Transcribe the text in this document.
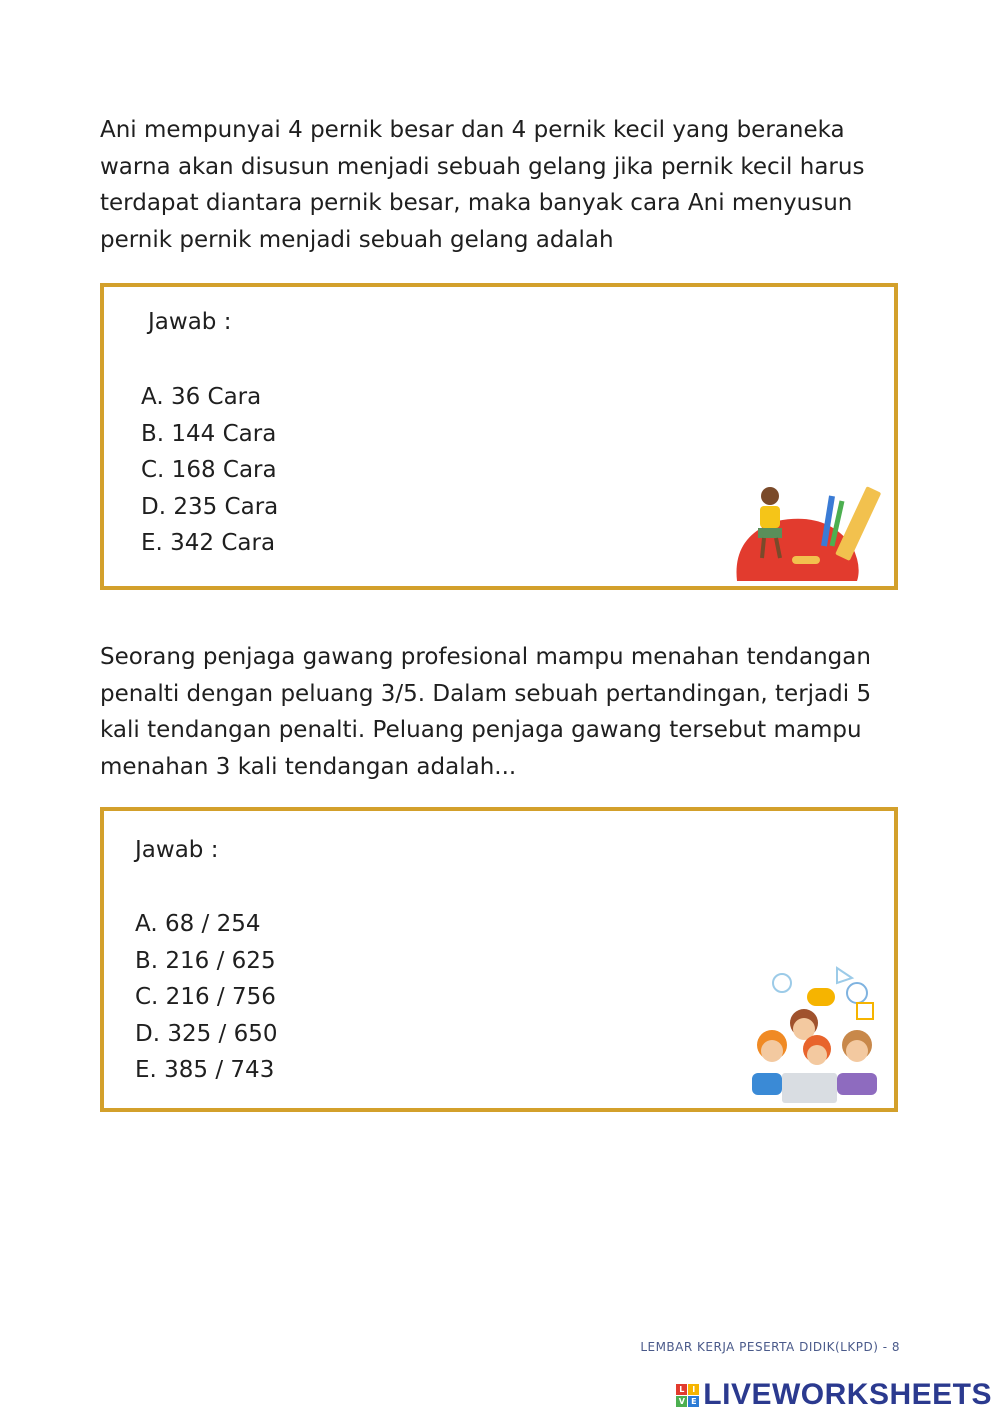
Ani mempunyai 4 pernik besar dan 4 pernik kecil yang beraneka warna akan disusun menjadi sebuah gelang jika pernik kecil harus terdapat diantara pernik besar, maka banyak cara Ani menyusun pernik pernik menjadi sebuah gelang adalah

Jawab :
A. 36 Cara
B. 144 Cara
C. 168 Cara
D. 235 Cara
E. 342 Cara

Seorang penjaga gawang profesional mampu menahan tendangan penalti dengan peluang 3/5. Dalam sebuah pertandingan, terjadi 5 kali tendangan penalti. Peluang penjaga gawang tersebut mampu menahan 3 kali tendangan adalah...

Jawab :
A. 68 / 254
B. 216 / 625
C. 216 / 756
D. 325 / 650
E. 385 / 743
LEMBAR KERJA PESERTA DIDIK(LKPD) - 8
L I
V E LIVEWORKSHEETS
